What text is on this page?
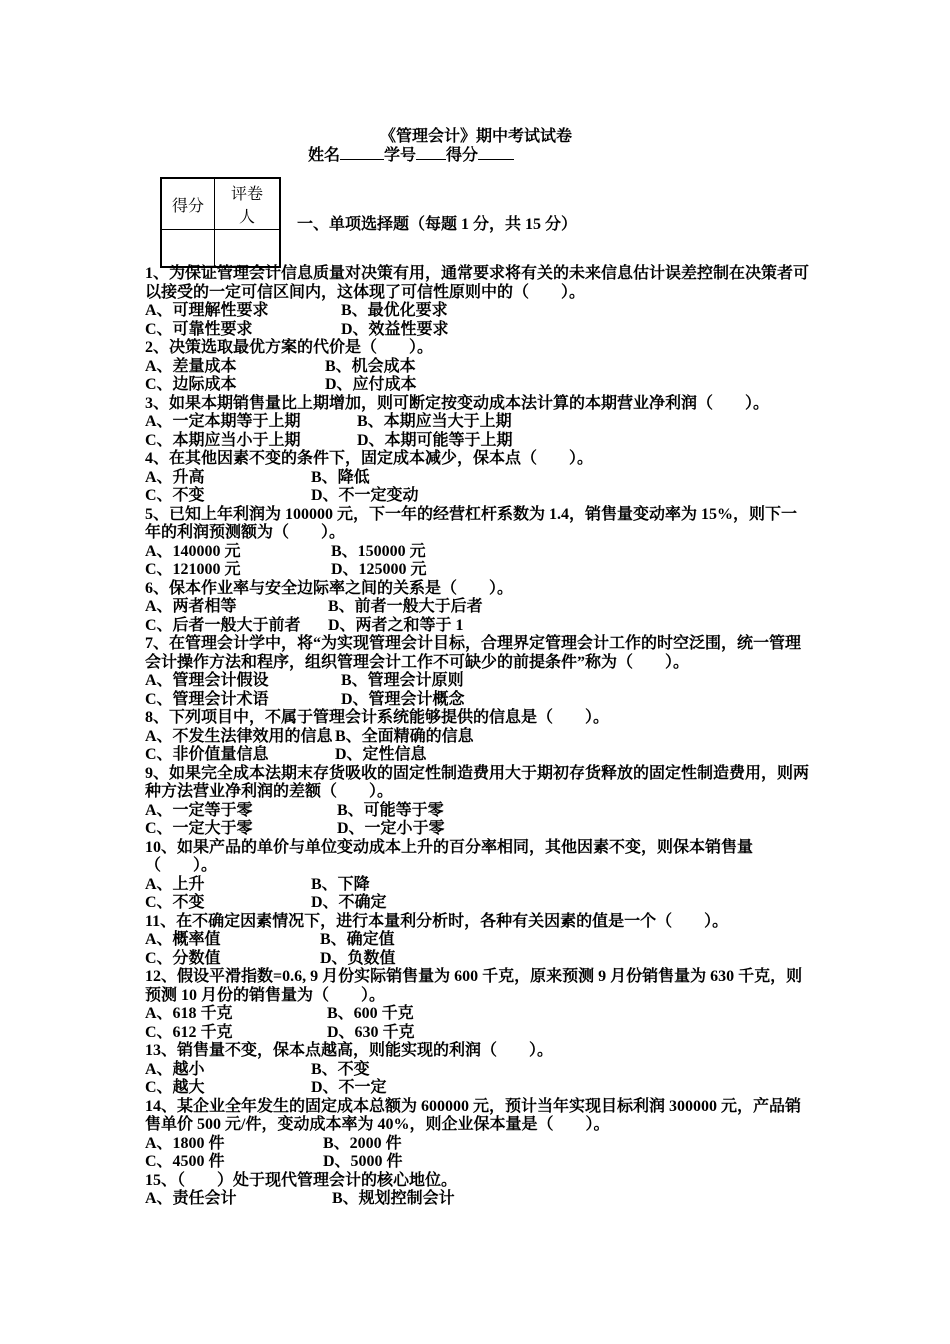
《管理会计》期中考试试卷
姓名	学号 得分
得分	评卷
人
		一、单项选择题（每题 1 分，共 15 分）
1、为保证管理会计信息质量对决策有用，通常要求将有关的未来信息估计误差控制在决策者可以接受的一定可信区间内，这体现了可信性原则中的（　　）。
A、可理解性要求	B、最优化要求
C、可靠性要求	D、效益性要求
2、决策选取最优方案的代价是（　　）。
A、差量成本	B、机会成本
C、边际成本	D、应付成本
3、如果本期销售量比上期增加，则可断定按变动成本法计算的本期营业净利润（　　）。
A、一定本期等于上期	B、本期应当大于上期
C、本期应当小于上期	D、本期可能等于上期
4、在其他因素不变的条件下，固定成本减少，保本点（　　）。
A、升高	B、降低
C、不变	D、不一定变动
5、已知上年利润为 100000 元，下一年的经营杠杆系数为 1.4，销售量变动率为 15%，则下一年的利润预测额为（　　）。
A、140000 元	B、150000 元
C、121000 元	D、125000 元
6、保本作业率与安全边际率之间的关系是（　　）。
A、两者相等	B、前者一般大于后者
C、后者一般大于前者	D、两者之和等于 1
7、在管理会计学中，将“为实现管理会计目标，合理界定管理会计工作的时空泛围，统一管理会计操作方法和程序，组织管理会计工作不可缺少的前提条件”称为（　　）。
A、管理会计假设	B、管理会计原则
C、管理会计术语	D、管理会计概念
8、下列项目中，不属于管理会计系统能够提供的信息是（　　）。
A、不发生法律效用的信息 B、全面精确的信息
C、非价值量信息	D、定性信息
9、如果完全成本法期末存货吸收的固定性制造费用大于期初存货释放的固定性制造费用，则两种方法营业净利润的差额（　　）。
A、一定等于零	B、可能等于零
C、一定大于零	D、一定小于零
10、如果产品的单价与单位变动成本上升的百分率相同，其他因素不变，则保本销售量（　　）。
A、上升	B、下降
C、不变	D、不确定
11、在不确定因素情况下，进行本量利分析时，各种有关因素的值是一个（　　）。
A、概率值	B、确定值
C、分数值	D、负数值
12、假设平滑指数=0.6, 9 月份实际销售量为 600 千克，原来预测 9 月份销售量为 630 千克，则预测 10 月份的销售量为（　　）。
A、618 千克	B、600 千克
C、612 千克	D、630 千克
13、销售量不变，保本点越高，则能实现的利润（　　）。
A、越小	B、不变
C、越大	D、不一定
14、某企业全年发生的固定成本总额为 600000 元，预计当年实现目标利润 300000 元，产品销售单价 500 元/件，变动成本率为 40%，则企业保本量是（　　）。
A、1800 件	B、2000 件
C、4500 件	D、5000 件
15、（　　）处于现代管理会计的核心地位。
A、责任会计	B、规划控制会计
